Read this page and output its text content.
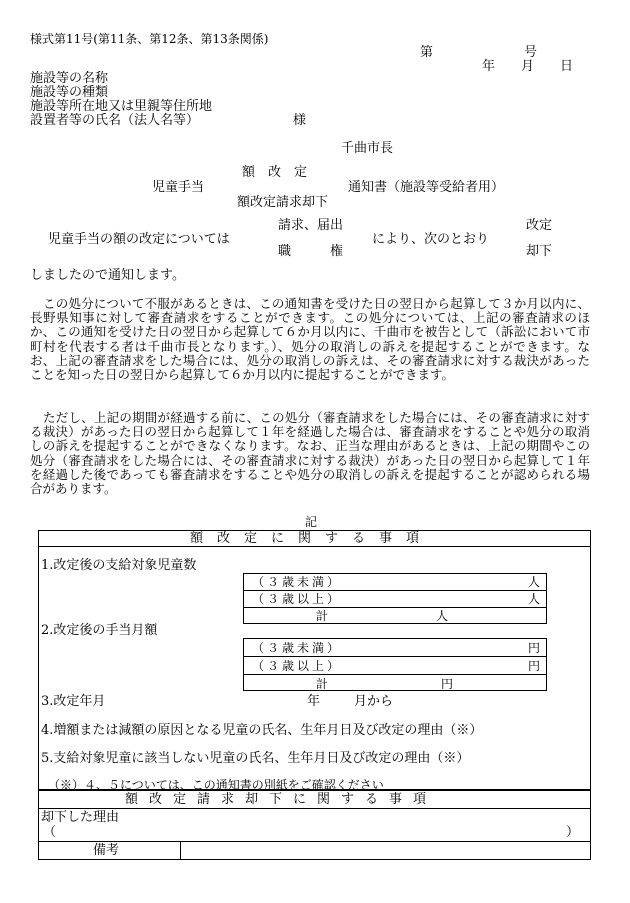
様式第11号(第11条、第12条、第13条関係)
第　　　　　　　号
年　　月　　日
施設等の名称
施設等の種類
施設等所在地又は里親等住所地
設置者等の氏名（法人名等）	様
千曲市長
額　改　定
児童手当	通知書（施設等受給者用）
額改定請求却下
請求、届出	改定
児童手当の額の改定については	により、次のとおり
職　　　権	却下
しましたので通知します。
この処分について不服があるときは、この通知書を受けた日の翌日から起算して３か月以内に、長野県知事に対して審査請求をすることができます。この処分については、上記の審査請求のほか、この通知を受けた日の翌日から起算して６か月以内に、千曲市を被告として（訴訟において市町村を代表する者は千曲市長となります。）、処分の取消しの訴えを提起することができます。なお、上記の審査請求をした場合には、処分の取消しの訴えは、その審査請求に対する裁決があったことを知った日の翌日から起算して６か月以内に提起することができます。
ただし、上記の期間が経過する前に、この処分（審査請求をした場合には、その審査請求に対する裁決）があった日の翌日から起算して１年を経過した場合は、審査請求をすることや処分の取消しの訴えを提起することができなくなります。なお、正当な理由があるときは、上記の期間やこの処分（審査請求をした場合には、その審査請求に対する裁決）があった日の翌日から起算して１年を経過した後であっても審査請求をすることや処分の取消しの訴えを提起することが認められる場合があります。
記
額改定に関する事項
1.改定後の支給対象児童数
（３歳未満）	人
（３歳以上）	人
計	人
2.改定後の手当月額
（３歳未満）	円
（３歳以上）	円
計	円
3.改定年月	年	月から
4.増額または減額の原因となる児童の氏名、生年月日及び改定の理由（※）
5.支給対象児童に該当しない児童の氏名、生年月日及び改定の理由（※）
（※）４、５については、この通知書の別紙をご確認ください
額改定請求却下に関する事項
却下した理由
（	）
備考
